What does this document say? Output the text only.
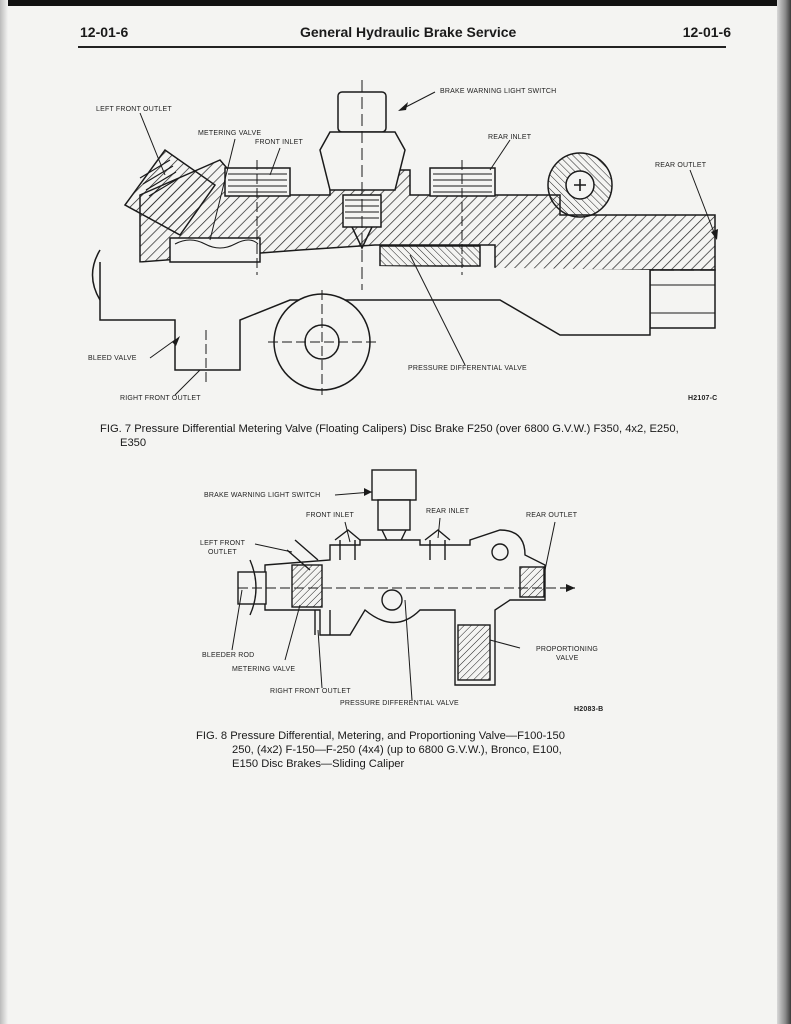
12-01-6	General Hydraulic Brake Service	12-01-6
LEFT FRONT OUTLET
METERING VALVE
FRONT INLET
BRAKE WARNING LIGHT SWITCH
REAR INLET
REAR OUTLET
BLEED VALVE
PRESSURE DIFFERENTIAL VALVE
RIGHT FRONT OUTLET	H2107-C
FIG. 7 Pressure Differential Metering Valve (Floating Calipers) Disc Brake F250 (over 6800 G.V.W.) F350, 4x2, E250,
E350
BRAKE WARNING LIGHT SWITCH
FRONT INLET
REAR INLET
REAR OUTLET
LEFT FRONT
OUTLET
PROPORTIONING
VALVE
BLEEDER ROD
METERING VALVE
RIGHT FRONT OUTLET
PRESSURE DIFFERENTIAL VALVE
H2083-B
FIG. 8 Pressure Differential, Metering, and Proportioning Valve—F100-150
250, (4x2) F-150—F-250 (4x4) (up to 6800 G.V.W.), Bronco, E100,
E150 Disc Brakes—Sliding Caliper
